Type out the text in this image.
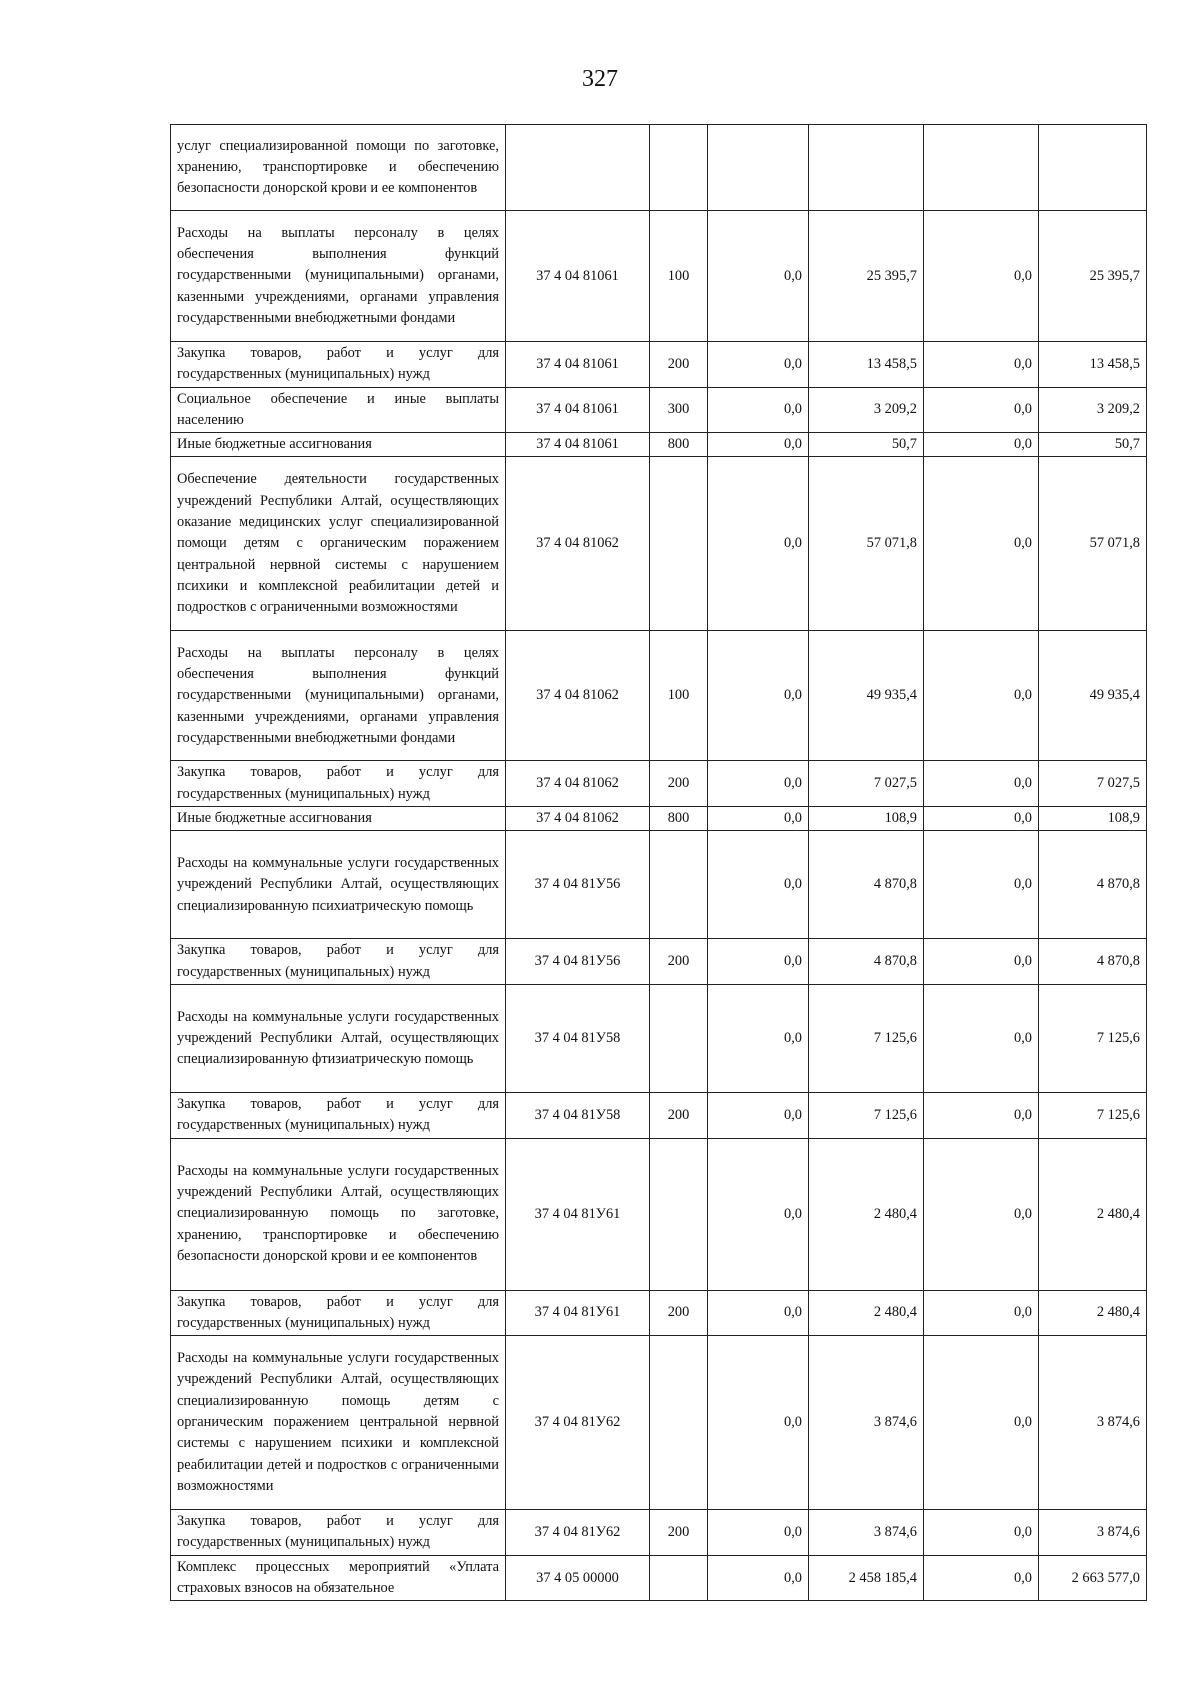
327
услуг специализированной помощи по заготовке, хранению, транспортировке и обеспечению безопасности донорской крови и ее компонентов						
Расходы на выплаты персоналу в целях обеспечения выполнения функций государственными (муниципальными) органами, казенными учреждениями, органами управления государственными внебюджетными фондами	37 4 04 81061	100	0,0	25 395,7	0,0	25 395,7
Закупка товаров, работ и услуг для государственных (муниципальных) нужд	37 4 04 81061	200	0,0	13 458,5	0,0	13 458,5
Социальное обеспечение и иные выплаты населению	37 4 04 81061	300	0,0	3 209,2	0,0	3 209,2
Иные бюджетные ассигнования	37 4 04 81061	800	0,0	50,7	0,0	50,7
Обеспечение деятельности государственных учреждений Республики Алтай, осуществляющих оказание медицинских услуг специализированной помощи детям с органическим поражением центральной нервной системы с нарушением психики и комплексной реабилитации детей и подростков с ограниченными возможностями	37 4 04 81062		0,0	57 071,8	0,0	57 071,8
Расходы на выплаты персоналу в целях обеспечения выполнения функций государственными (муниципальными) органами, казенными учреждениями, органами управления государственными внебюджетными фондами	37 4 04 81062	100	0,0	49 935,4	0,0	49 935,4
Закупка товаров, работ и услуг для государственных (муниципальных) нужд	37 4 04 81062	200	0,0	7 027,5	0,0	7 027,5
Иные бюджетные ассигнования	37 4 04 81062	800	0,0	108,9	0,0	108,9
Расходы на коммунальные услуги государственных учреждений Республики Алтай, осуществляющих специализированную психиатрическую помощь	37 4 04 81У56		0,0	4 870,8	0,0	4 870,8
Закупка товаров, работ и услуг для государственных (муниципальных) нужд	37 4 04 81У56	200	0,0	4 870,8	0,0	4 870,8
Расходы на коммунальные услуги государственных учреждений Республики Алтай, осуществляющих специализированную фтизиатрическую помощь	37 4 04 81У58		0,0	7 125,6	0,0	7 125,6
Закупка товаров, работ и услуг для государственных (муниципальных) нужд	37 4 04 81У58	200	0,0	7 125,6	0,0	7 125,6
Расходы на коммунальные услуги государственных учреждений Республики Алтай, осуществляющих специализированную помощь по заготовке, хранению, транспортировке и обеспечению безопасности донорской крови и ее компонентов	37 4 04 81У61		0,0	2 480,4	0,0	2 480,4
Закупка товаров, работ и услуг для государственных (муниципальных) нужд	37 4 04 81У61	200	0,0	2 480,4	0,0	2 480,4
Расходы на коммунальные услуги государственных учреждений Республики Алтай, осуществляющих специализированную помощь детям с органическим поражением центральной нервной системы с нарушением психики и комплексной реабилитации детей и подростков с ограниченными возможностями	37 4 04 81У62		0,0	3 874,6	0,0	3 874,6
Закупка товаров, работ и услуг для государственных (муниципальных) нужд	37 4 04 81У62	200	0,0	3 874,6	0,0	3 874,6
Комплекс процессных мероприятий «Уплата страховых взносов на обязательное	37 4 05 00000		0,0	2 458 185,4	0,0	2 663 577,0
